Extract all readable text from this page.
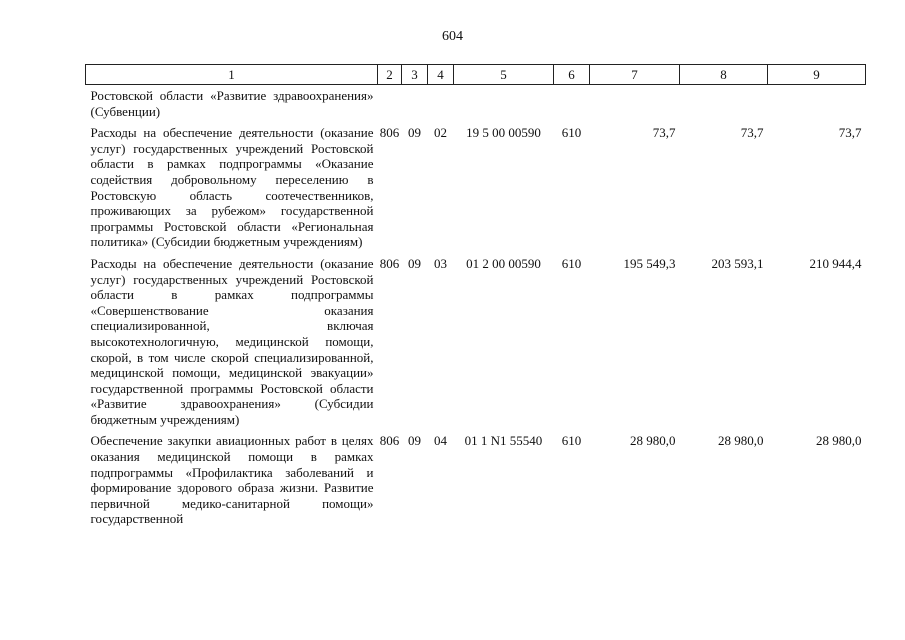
604
1	2	3	4	5	6	7	8	9
Ростовской области «Развитие здравоохранения» (Субвенции)								
Расходы на обеспечение деятельности (оказание услуг) государственных учреждений Ростовской области в рамках подпрограммы «Оказание содействия добровольному переселению в Ростовскую область соотечественников, проживающих за рубежом» государственной программы Ростовской области «Региональная политика» (Субсидии бюджетным учреждениям)	806	09	02	19 5 00 00590	610	73,7	73,7	73,7
Расходы на обеспечение деятельности (оказание услуг) государственных учреждений Ростовской области в рамках подпрограммы «Совершенствование оказания специализированной, включая высокотехнологичную, медицинской помощи, скорой, в том числе скорой специализированной, медицинской помощи, медицинской эвакуации» государственной программы Ростовской области «Развитие здравоохранения» (Субсидии бюджетным учреждениям)	806	09	03	01 2 00 00590	610	195 549,3	203 593,1	210 944,4
Обеспечение закупки авиационных работ в целях оказания медицинской помощи в рамках подпрограммы «Профилактика заболеваний и формирование здорового образа жизни. Развитие первичной медико-санитарной помощи» государственной	806	09	04	01 1 N1 55540	610	28 980,0	28 980,0	28 980,0
